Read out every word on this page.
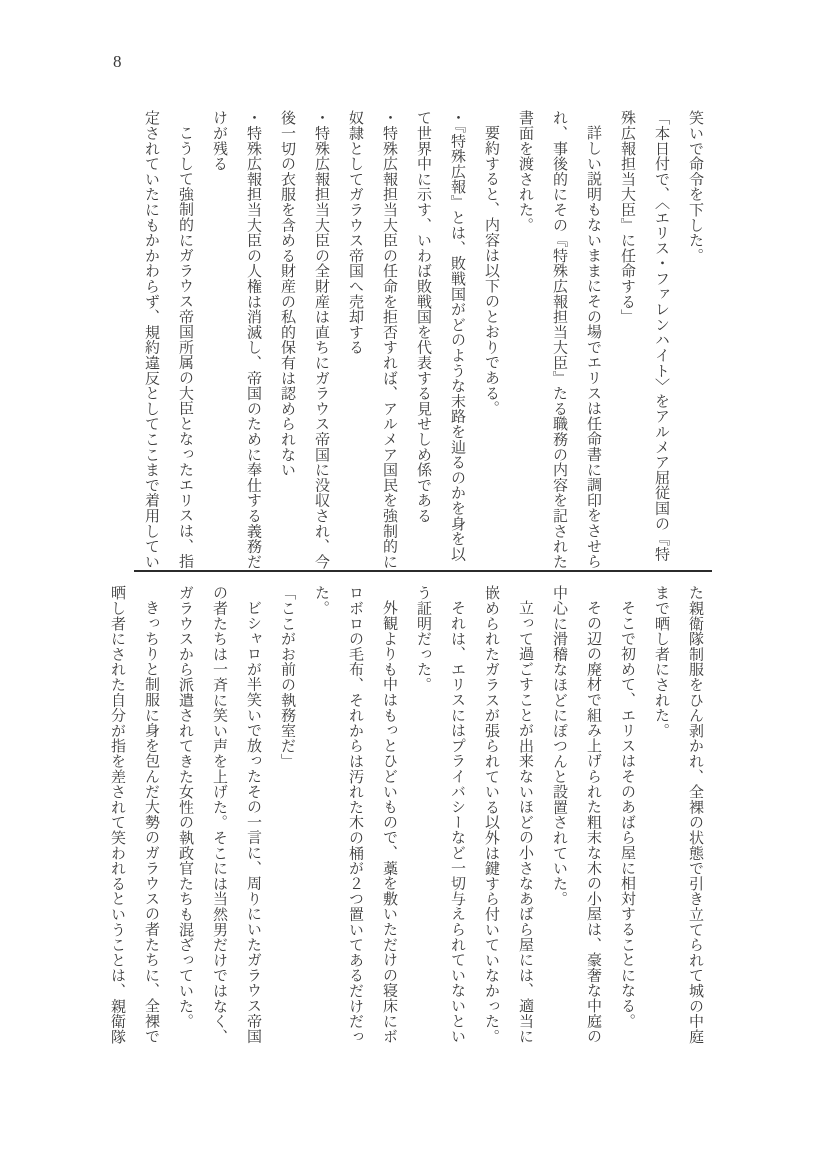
8

笑いで命令を下した。

「本日付で、〈エリス・ファレンハイト〉をアルメア屈従国の『特殊広報担当大臣』に任命する」

詳しい説明もないままにその場でエリスは任命書に調印をさせられ、事後的にその『特殊広報担当大臣』たる職務の内容を記された書面を渡された。

要約すると、内容は以下のとおりである。

・『特殊広報』とは、敗戦国がどのような末路を辿るのかを身を以て世界中に示す、いわば敗戦国を代表する見せしめ係である

・特殊広報担当大臣の任命を拒否すれば、アルメア国民を強制的に奴隷としてガラウス帝国へ売却する

・特殊広報担当大臣の全財産は直ちにガラウス帝国に没収され、今後一切の衣服を含める財産の私的保有は認められない

・特殊広報担当大臣の人権は消滅し、帝国のために奉仕する義務だけが残る

こうして強制的にガラウス帝国所属の大臣となったエリスは、指定されていたにもかかわらず、規約違反としてここまで着用してい

た親衛隊制服をひん剥かれ、全裸の状態で引き立てられて城の中庭まで晒し者にされた。

そこで初めて、エリスはそのあばら屋に相対することになる。

その辺の廃材で組み上げられた粗末な木の小屋は、豪奢な中庭の中心に滑稽なほどにぽつんと設置されていた。

立って過ごすことが出来ないほどの小さなあばら屋には、適当に嵌められたガラスが張られている以外は鍵すら付いていなかった。

それは、エリスにはプライバシーなど一切与えられていないという証明だった。

外観よりも中はもっとひどいもので、藁を敷いただけの寝床にボロボロの毛布、それからは汚れた木の桶が２つ置いてあるだけだった。

「ここがお前の執務室だ」

ビシャロが半笑いで放ったその一言に、周りにいたガラウス帝国の者たちは一斉に笑い声を上げた。そこには当然男だけではなく、ガラウスから派遣されてきた女性の執政官たちも混ざっていた。

きっちりと制服に身を包んだ大勢のガラウスの者たちに、全裸で晒し者にされた自分が指を差されて笑われるということは、親衛隊
